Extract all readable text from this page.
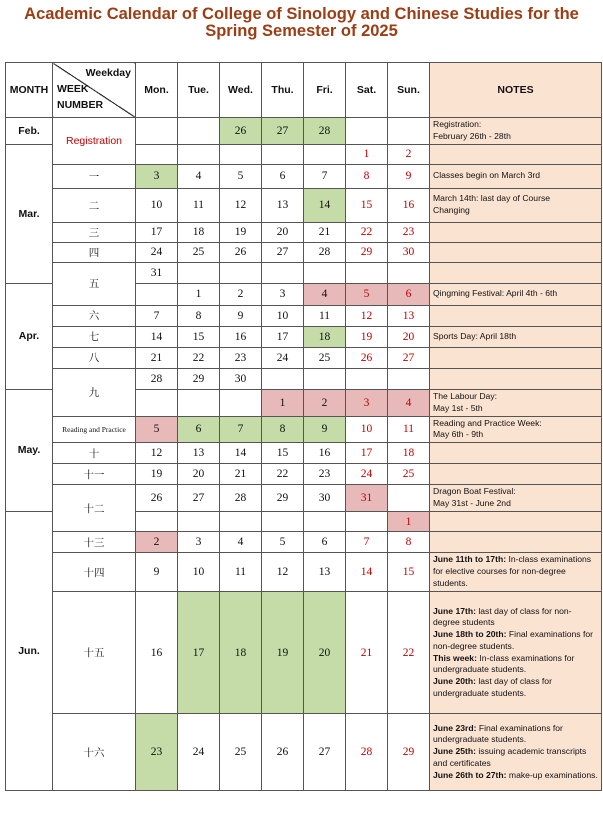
Academic Calendar of College of Sinology and Chinese Studies for the Spring Semester of 2025
MONTH	Weekday
WEEK
NUMBER	Mon.	Tue.	Wed.	Thu.	Fri.	Sat.	Sun.	NOTES
Feb.	Registration			26	27	28			Registration:
February 26th - 28th
Mar.							1	2	
	一	3	4	5	6	7	8	9	Classes begin on March 3rd
	二	10	11	12	13	14	15	16	March 14th: last day of Course
Changing
	三	17	18	19	20	21	22	23	
	四	24	25	26	27	28	29	30	
	五	31							
Apr.			1	2	3	4	5	6	Qingming Festival: April 4th - 6th
	六	7	8	9	10	11	12	13	
	七	14	15	16	17	18	19	20	Sports Day: April 18th
	八	21	22	23	24	25	26	27	
	九	28	29	30					
May.					1	2	3	4	The Labour Day:
May 1st - 5th
	Reading and Practice	5	6	7	8	9	10	11	Reading and Practice Week:
May 6th - 9th
	十	12	13	14	15	16	17	18	
	十一	19	20	21	22	23	24	25	
	十二	26	27	28	29	30	31		Dragon Boat Festival:
May 31st - June 2nd
Jun.								1	
	十三	2	3	4	5	6	7	8	
	十四	9	10	11	12	13	14	15	June 11th to 17th: In-class examinations for elective courses for non-degree students.
	十五	16	17	18	19	20	21	22	June 17th: last day of class for non-degree students
June 18th to 20th: Final examinations for non-degree students.
This week: In-class examinations for undergraduate students.
June 20th: last day of class for undergraduate students.
	十六	23	24	25	26	27	28	29	June 23rd: Final examinations for undergraduate students.
June 25th: issuing academic transcripts and certificates
June 26th to 27th: make-up examinations.
